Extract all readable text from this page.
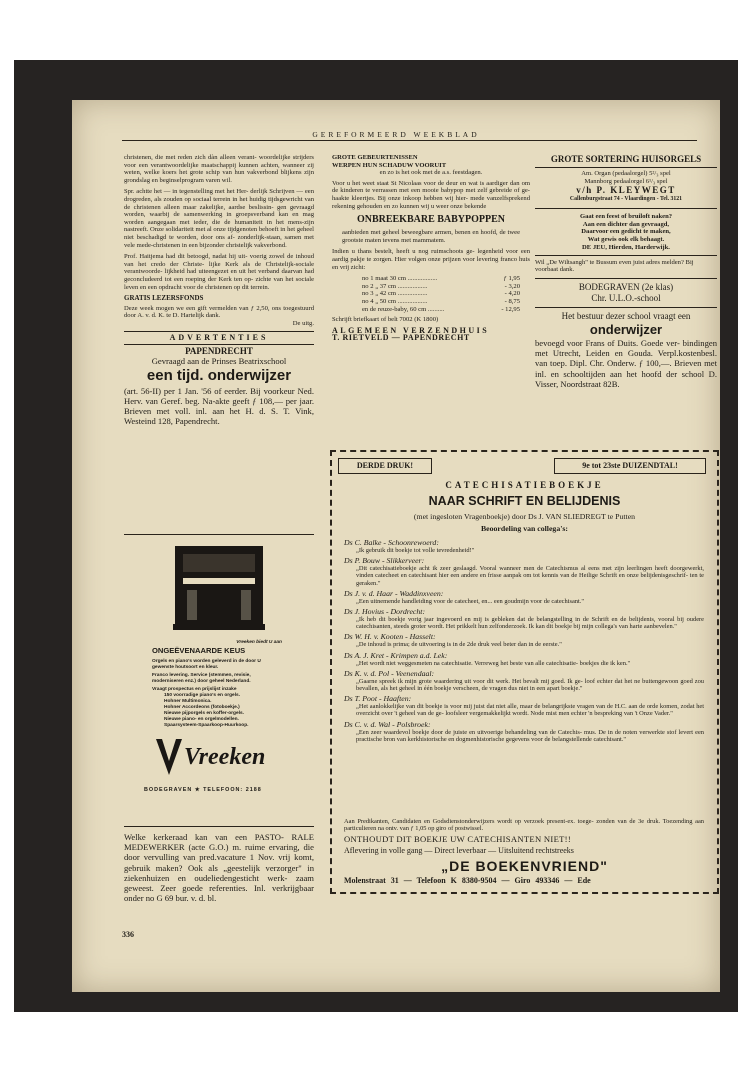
GEREFORMEERD WEEKBLAD

christenen, die met reden zich dàn alleen verant- woordelijke strijders voor een verantwoordelijke maatschappij kunnen achten, wanneer zij weten, welke koers het grote schip van hun vakverbond blijkens zijn grondslag en beginselprogram varen wil.

Spr. achtte het — in tegenstelling met het Her- derlijk Schrijven — een drogreden, als zouden op sociaal terrein in het huidig tijdsgewricht van de christenen alleen maar zakelijke, aardse beslissin- gen gevraagd worden, waarbij de samenwerking in groepsverband kan en mag worden aangegaan met ieder, die de humaniteit in het mens-zijn nastreeft. Onze solidariteit met al onze tijdgenoten behoeft in het geheel niet beschadigd te worden, door ons af- zonderlijk-staan, samen met vele mede-christenen in een bijzonder christelijk vakverbond.

Prof. Haitjema had dit betoogd, nadat hij uit- voerig zowel de inhoud van het credo der Christe- lijke Kerk als de Christelijk-sociale verantwoorde- lijkheid had uiteengezet en uit het verband daarvan had geconcludeerd tot een roeping der Kerk ten op- zichte van het sociale leven en een opdracht voor de christenen op dit terrein.

GRATIS LEZERSFONDS

Deze week mogen we een gift vermelden van ƒ 2,50, ons toegestuurd door A. v. d. K. te D. Hartelijk dank.

De uitg.
ADVERTENTIES
PAPENDRECHT
Gevraagd aan de Prinses Beatrixschool
een tijd. onderwijzer
(art. 56-II) per 1 Jan. '56 of eerder. Bij voorkeur Ned. Herv. van Geref. beg. Na-akte geeft ƒ 108,— per jaar. Brieven met voll. inl. aan het H. d. S. T. Vink, Westeind 128, Papendrecht.
Vreeken biedt U aan
ONGEËVENAARDE KEUS
Orgels en piano's worden geleverd in de door U gewenste houtsoort en kleur.
Franco levering. Service (stemmen, revisie, moderniseren enz.) door geheel Nederland.
Vraagt prospectus en prijslijst inzake
150 voorradige piano's en orgels.
Hohner Multimonica.
Hohner Accordeons (fotoboekje.)
Nieuwe pijporgels en koffer-orgels.
Nieuwe piano- en orgelmodellen.
Spaarsysteem-Spaarkoop-Huurkoop.
Vreeken
BODEGRAVEN ★ TELEFOON: 2188
Welke kerkeraad kan van een PASTO- RALE MEDEWERKER (acte G.O.) m. ruime ervaring, die door vervulling van pred.vacature 1 Nov. vrij komt, gebruik maken? Ook als „geestelijk verzorger" in ziekenhuizen en oudeliedengesticht werk- zaam geweest. Zeer goede referenties. Inl. verkrijgbaar onder no G 69 bur. v. d. bl.
336
GROTE GEBEURTENISSEN
WERPEN HUN SCHADUW VOORUIT
en zo is het ook met de a.s. feestdagen.

Voor u het weet staat St Nicolaas voor de deur en wat is aardiger dan om de kinderen te verrassen met een mooie babypop met zelf gebreide of ge- haakte kleertjes. Bij onze inkoop hebben wij hier- mede vanzelfsprekend rekening gehouden en zo kunnen wij u weer onze bekende

ONBREEKBARE BABYPOPPEN

aanbieden met geheel beweegbare armen, benen en hoofd, de twee grootste maten tevens met mammatem.

Indien u thans bestelt, heeft u nog ruimschoots ge- legenheid voor een aardig pakje te zorgen. Hier volgen onze prijzen voor levering franco huis en vrij zicht:

no 1 maat 30 cm ..................	ƒ 1,95
no 2 „ 37 cm ..................	- 3,20
no 3 „ 42 cm ..................	- 4,20
no 4 „ 50 cm ..................	- 8,75
en de reuze-baby, 60 cm ..........	- 12,95
Schrijft briefkaart of belt 7002 (K 1800)
ALGEMEEN VERZENDHUIS
T. RIETVELD — PAPENDRECHT
GROTE SORTERING HUISORGELS
Am. Organ (pedaalorgel) 5²/₃ spel
Mannborg pedaalorgel 6¹/₃ spel
v/h P. KLEYWEGT
Callenburgstraat 74 - Vlaardingen - Tel. 3121
Gaat een feest of bruiloft naken?
Aan een dichter dan gevraagd,
Daarvoor een gedicht te maken,
Wat gewis ook elk behaagt.
DE JEU, Hierden, Harderwijk.
Wil „De Wiltsangh" te Bussum even juist adres melden? Bij voorbaat dank.
BODEGRAVEN (2e klas)
Chr. U.L.O.-school
Het bestuur dezer school vraagt een
onderwijzer
bevoegd voor Frans of Duits. Goede ver- bindingen met Utrecht, Leiden en Gouda. Verpl.kostenbesl. van toep. Dipl. Chr. Onderw. ƒ 100,—. Brieven met inl. en schooltijden aan het hoofd der school D. Visser, Noordstraat 82B.
DERDE DRUK!	9e tot 23ste DUIZENDTAL!
CATECHISATIEBOEKJE
NAAR SCHRIFT EN BELIJDENIS
(met ingesloten Vragenboekje) door Ds J. VAN SLIEDREGT te Putten
Beoordeling van collega's:
Ds C. Balke - Schoonrewoerd:
„Ik gebruik dit boekje tot volle tevredenheid!"
Ds P. Bouw - Slikkerveer:
„Dit catechisatieboekje acht ik zeer geslaagd. Vooral wanneer men de Catechismus al eens met zijn leerlingen heeft doorgewerkt, vinden catecheet en catechisant hier een andere en frisse aanpak om tot kennis van de Heilige Schrift en onze belijdenisgeschrif- ten te geraken."
Ds J. v. d. Haar - Waddinxveen:
„Een uitnemende handleiding voor de catecheet, en... een goudmijn voor de catechisant."
Ds J. Hovius - Dordrecht:
„Ik heb dit boekje vorig jaar ingevoerd en mij is gebleken dat de belangstelling in de Schrift en de belijdenis, vooral bij oudere catechisanten, steeds groter wordt. Het prikkelt hun zelfonderzoek. Ik kan dit boekje bij mijn collega's van harte aanbevelen."
Ds W. H. v. Kooten - Hasselt:
„De inhoud is prima; de uitvoering is in de 2de druk veel beter dan in de eerste."
Ds A. J. Kret - Krimpen a.d. Lek:
„Het wordt niet weggesmeten na catechisatie. Verreweg het beste van alle catechisatie- boekjes die ik ken."
Ds K. v. d. Pol - Veenendaal:
„Gaarne spreek ik mijn grote waardering uit voor dit werk. Het bevalt mij goed. Ik ge- loof echter dat het ne buitengewoon goed zou bevallen, als het geheel in één boekje verscheen, de vragen dus niet in een apart boekje."
Ds T. Poot - Haaften:
„Het aanlokkelijke van dit boekje is voor mij juist dat niet alle, maar de belangrijkste vragen van de H.C. aan de orde komen, zodat het overzicht over 't geheel van de ge- loofsleer vergemakkelijkt wordt. Node mist men echter 'n bespreking van 't Onze Vader."
Ds C. v. d. Wal - Polsbroek:
„Een zeer waardevol boekje door de juiste en uitvoerige behandeling van de Catechis- mus. De in de noten verwerkte stof levert een practische bron van kerkhistorische en dogmenhistorische gegevens voor de belangstellende catechisant."
Aan Predikanten, Candidaten en Godsdienstonderwijzers wordt op verzoek present-ex. toege- zonden van de 3e druk. Toezending aan particulieren na ontv. van ƒ 1,05 op giro of postwissel.
ONTHOUDT DIT BOEKJE UW CATECHISANTEN NIET!!
Aflevering in volle gang — Direct leverbaar — Uitsluitend rechtstreeks
„DE BOEKENVRIEND"
Molenstraat 31 — Telefoon K 8380-9504 — Giro 493346 — Ede
